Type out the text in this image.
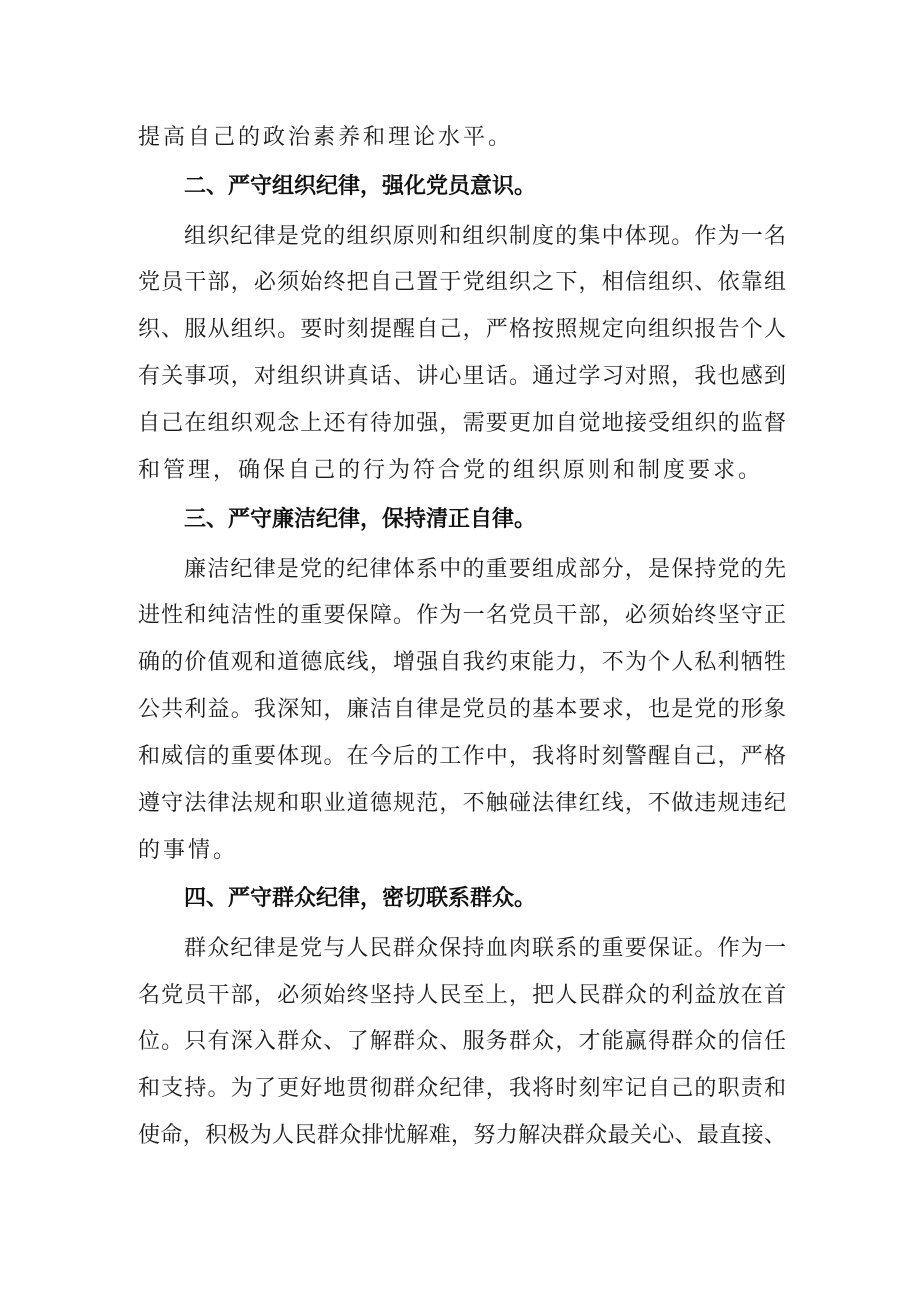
提高自己的政治素养和理论水平。
二、严守组织纪律，强化党员意识。
组织纪律是党的组织原则和组织制度的集中体现。作为一名
党员干部，必须始终把自己置于党组织之下，相信组织、依靠组
织、服从组织。要时刻提醒自己，严格按照规定向组织报告个人
有关事项，对组织讲真话、讲心里话。通过学习对照，我也感到
自己在组织观念上还有待加强，需要更加自觉地接受组织的监督
和管理，确保自己的行为符合党的组织原则和制度要求。
三、严守廉洁纪律，保持清正自律。
廉洁纪律是党的纪律体系中的重要组成部分，是保持党的先
进性和纯洁性的重要保障。作为一名党员干部，必须始终坚守正
确的价值观和道德底线，增强自我约束能力，不为个人私利牺牲
公共利益。我深知，廉洁自律是党员的基本要求，也是党的形象
和威信的重要体现。在今后的工作中，我将时刻警醒自己，严格
遵守法律法规和职业道德规范，不触碰法律红线，不做违规违纪
的事情。
四、严守群众纪律，密切联系群众。
群众纪律是党与人民群众保持血肉联系的重要保证。作为一
名党员干部，必须始终坚持人民至上，把人民群众的利益放在首
位。只有深入群众、了解群众、服务群众，才能赢得群众的信任
和支持。为了更好地贯彻群众纪律，我将时刻牢记自己的职责和
使命，积极为人民群众排忧解难，努力解决群众最关心、最直接、
